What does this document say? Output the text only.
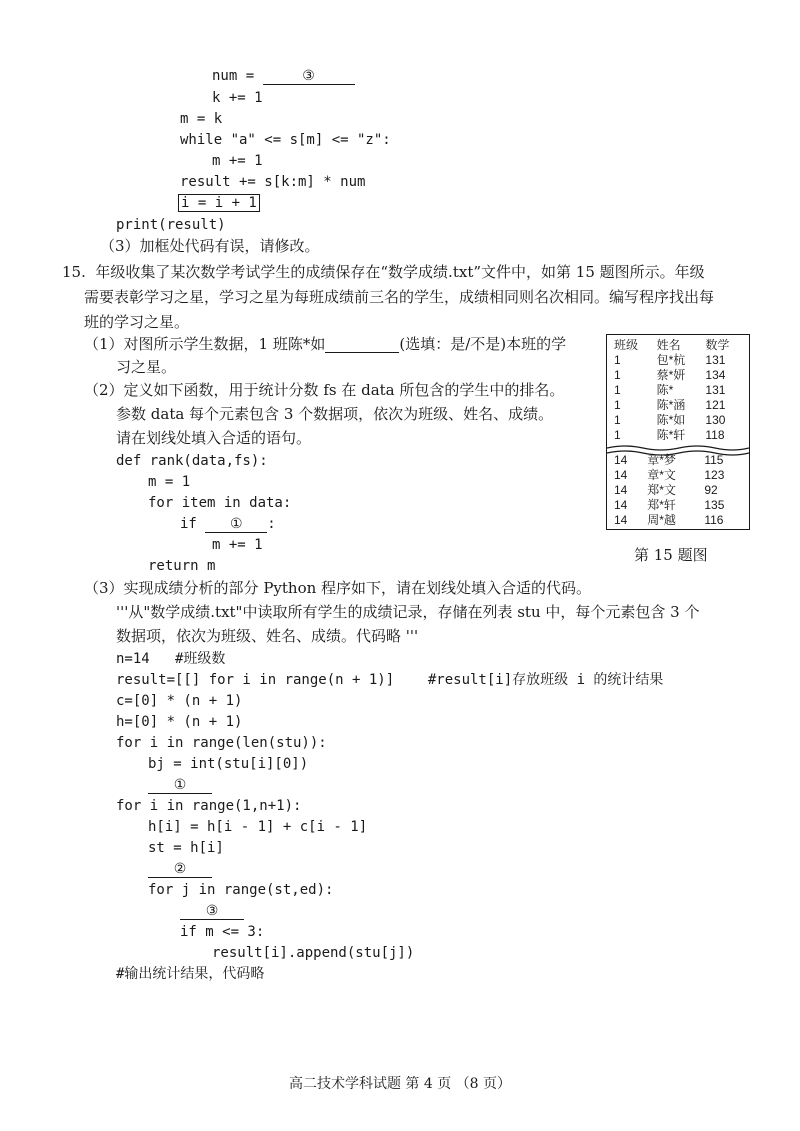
num =	③
k += 1
m = k
while "a" <= s[m] <= "z":
m += 1
result += s[k:m] * num
i = i + 1
print(result)
（3）加框处代码有误，请修改。
15.  年级收集了某次数学考试学生的成绩保存在“数学成绩.txt”文件中，如第 15 题图所示。年级
需要表彰学习之星，学习之星为每班成绩前三名的学生，成绩相同则名次相同。编写程序找出每
班的学习之星。
（1）对图所示学生数据，1 班陈*如	(选填：是/不是)本班的学
习之星。
（2）定义如下函数，用于统计分数 fs 在 data 所包含的学生中的排名。
参数 data 每个元素包含 3 个数据项，依次为班级、姓名、成绩。
请在划线处填入合适的语句。
def rank(data,fs):
m = 1
for item in data:
if ① :
m += 1
return m
班级	姓名	数学
1	包*杭	131
1	蔡*妍	134
1	陈*	131
1	陈*涵	121
1	陈*如	130
1	陈*轩	118
14	章*梦	115
14	章*文	123
14	郑*文	92
14	郑*轩	135
14	周*越	116
第 15 题图
（3）实现成绩分析的部分 Python 程序如下，请在划线处填入合适的代码。
'''从"数学成绩.txt"中读取所有学生的成绩记录，存储在列表 stu 中，每个元素包含 3 个
数据项，依次为班级、姓名、成绩。代码略 '''
n=14   #班级数
result=[[] for i in range(n + 1)]    #result[i]存放班级 i 的统计结果
c=[0] * (n + 1)
h=[0] * (n + 1)
for i in range(len(stu)):
bj = int(stu[i][0])
①
for i in range(1,n+1):
h[i] = h[i - 1] + c[i - 1]
st = h[i]
②
for j in range(st,ed):
③
if m <= 3:
result[i].append(stu[j])
#输出统计结果，代码略
高二技术学科试题 第 4 页 （8 页）
